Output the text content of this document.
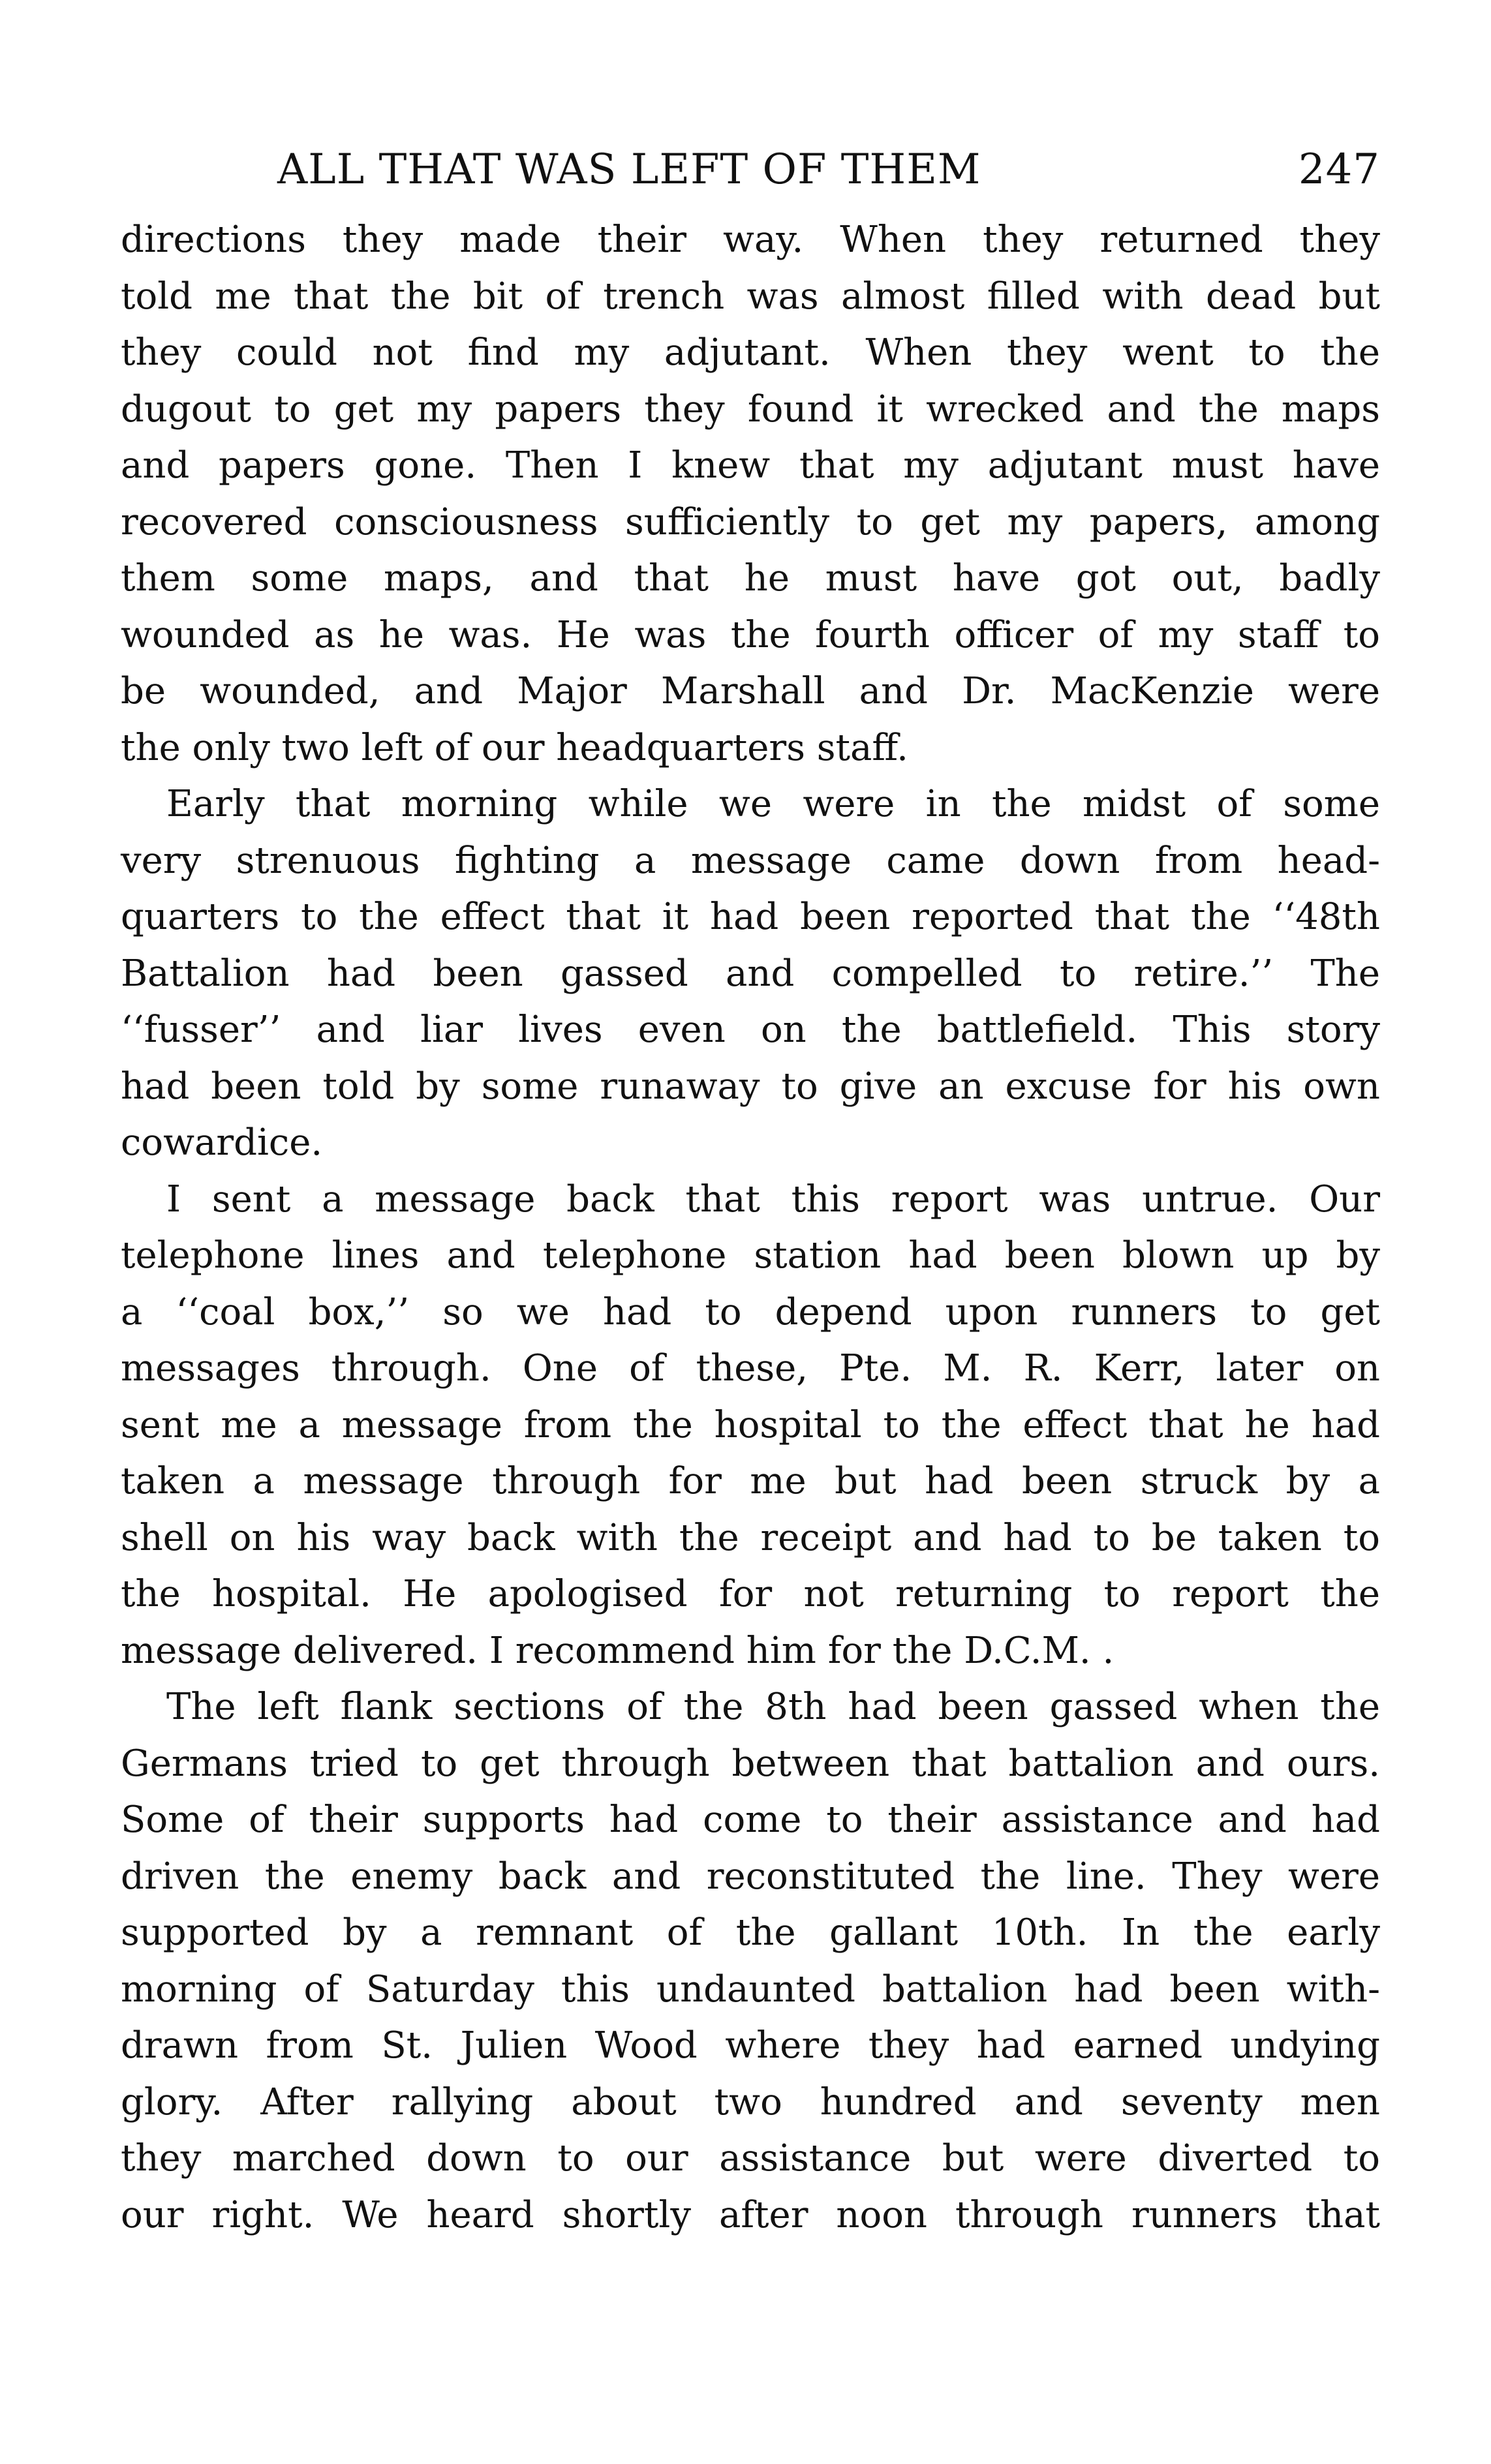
ALL THAT WAS LEFT OF THEM	247

directions they made their way. When they returned they
told me that the bit of trench was almost filled with dead but
they could not find my adjutant. When they went to the
dugout to get my papers they found it wrecked and the maps
and papers gone. Then I knew that my adjutant must have
recovered consciousness sufficiently to get my papers, among
them some maps, and that he must have got out, badly
wounded as he was. He was the fourth officer of my staff to
be wounded, and Major Marshall and Dr. MacKenzie were
the only two left of our headquarters staff.

Early that morning while we were in the midst of some
very strenuous fighting a message came down from head-
quarters to the effect that it had been reported that the ‘‘48th
Battalion had been gassed and compelled to retire.’’ The
‘‘fusser’’ and liar lives even on the battlefield. This story
had been told by some runaway to give an excuse for his own
cowardice.

I sent a message back that this report was untrue. Our
telephone lines and telephone station had been blown up by
a ‘‘coal box,’’ so we had to depend upon runners to get
messages through. One of these, Pte. M. R. Kerr, later on
sent me a message from the hospital to the effect that he had
taken a message through for me but had been struck by a
shell on his way back with the receipt and had to be taken to
the hospital. He apologised for not returning to report the
message delivered. I recommend him for the D.C.M. .

The left flank sections of the 8th had been gassed when the
Germans tried to get through between that battalion and ours.
Some of their supports had come to their assistance and had
driven the enemy back and reconstituted the line. They were
supported by a remnant of the gallant 10th. In the early
morning of Saturday this undaunted battalion had been with-
drawn from St. Julien Wood where they had earned undying
glory. After rallying about two hundred and seventy men
they marched down to our assistance but were diverted to
our right. We heard shortly after noon through runners that
